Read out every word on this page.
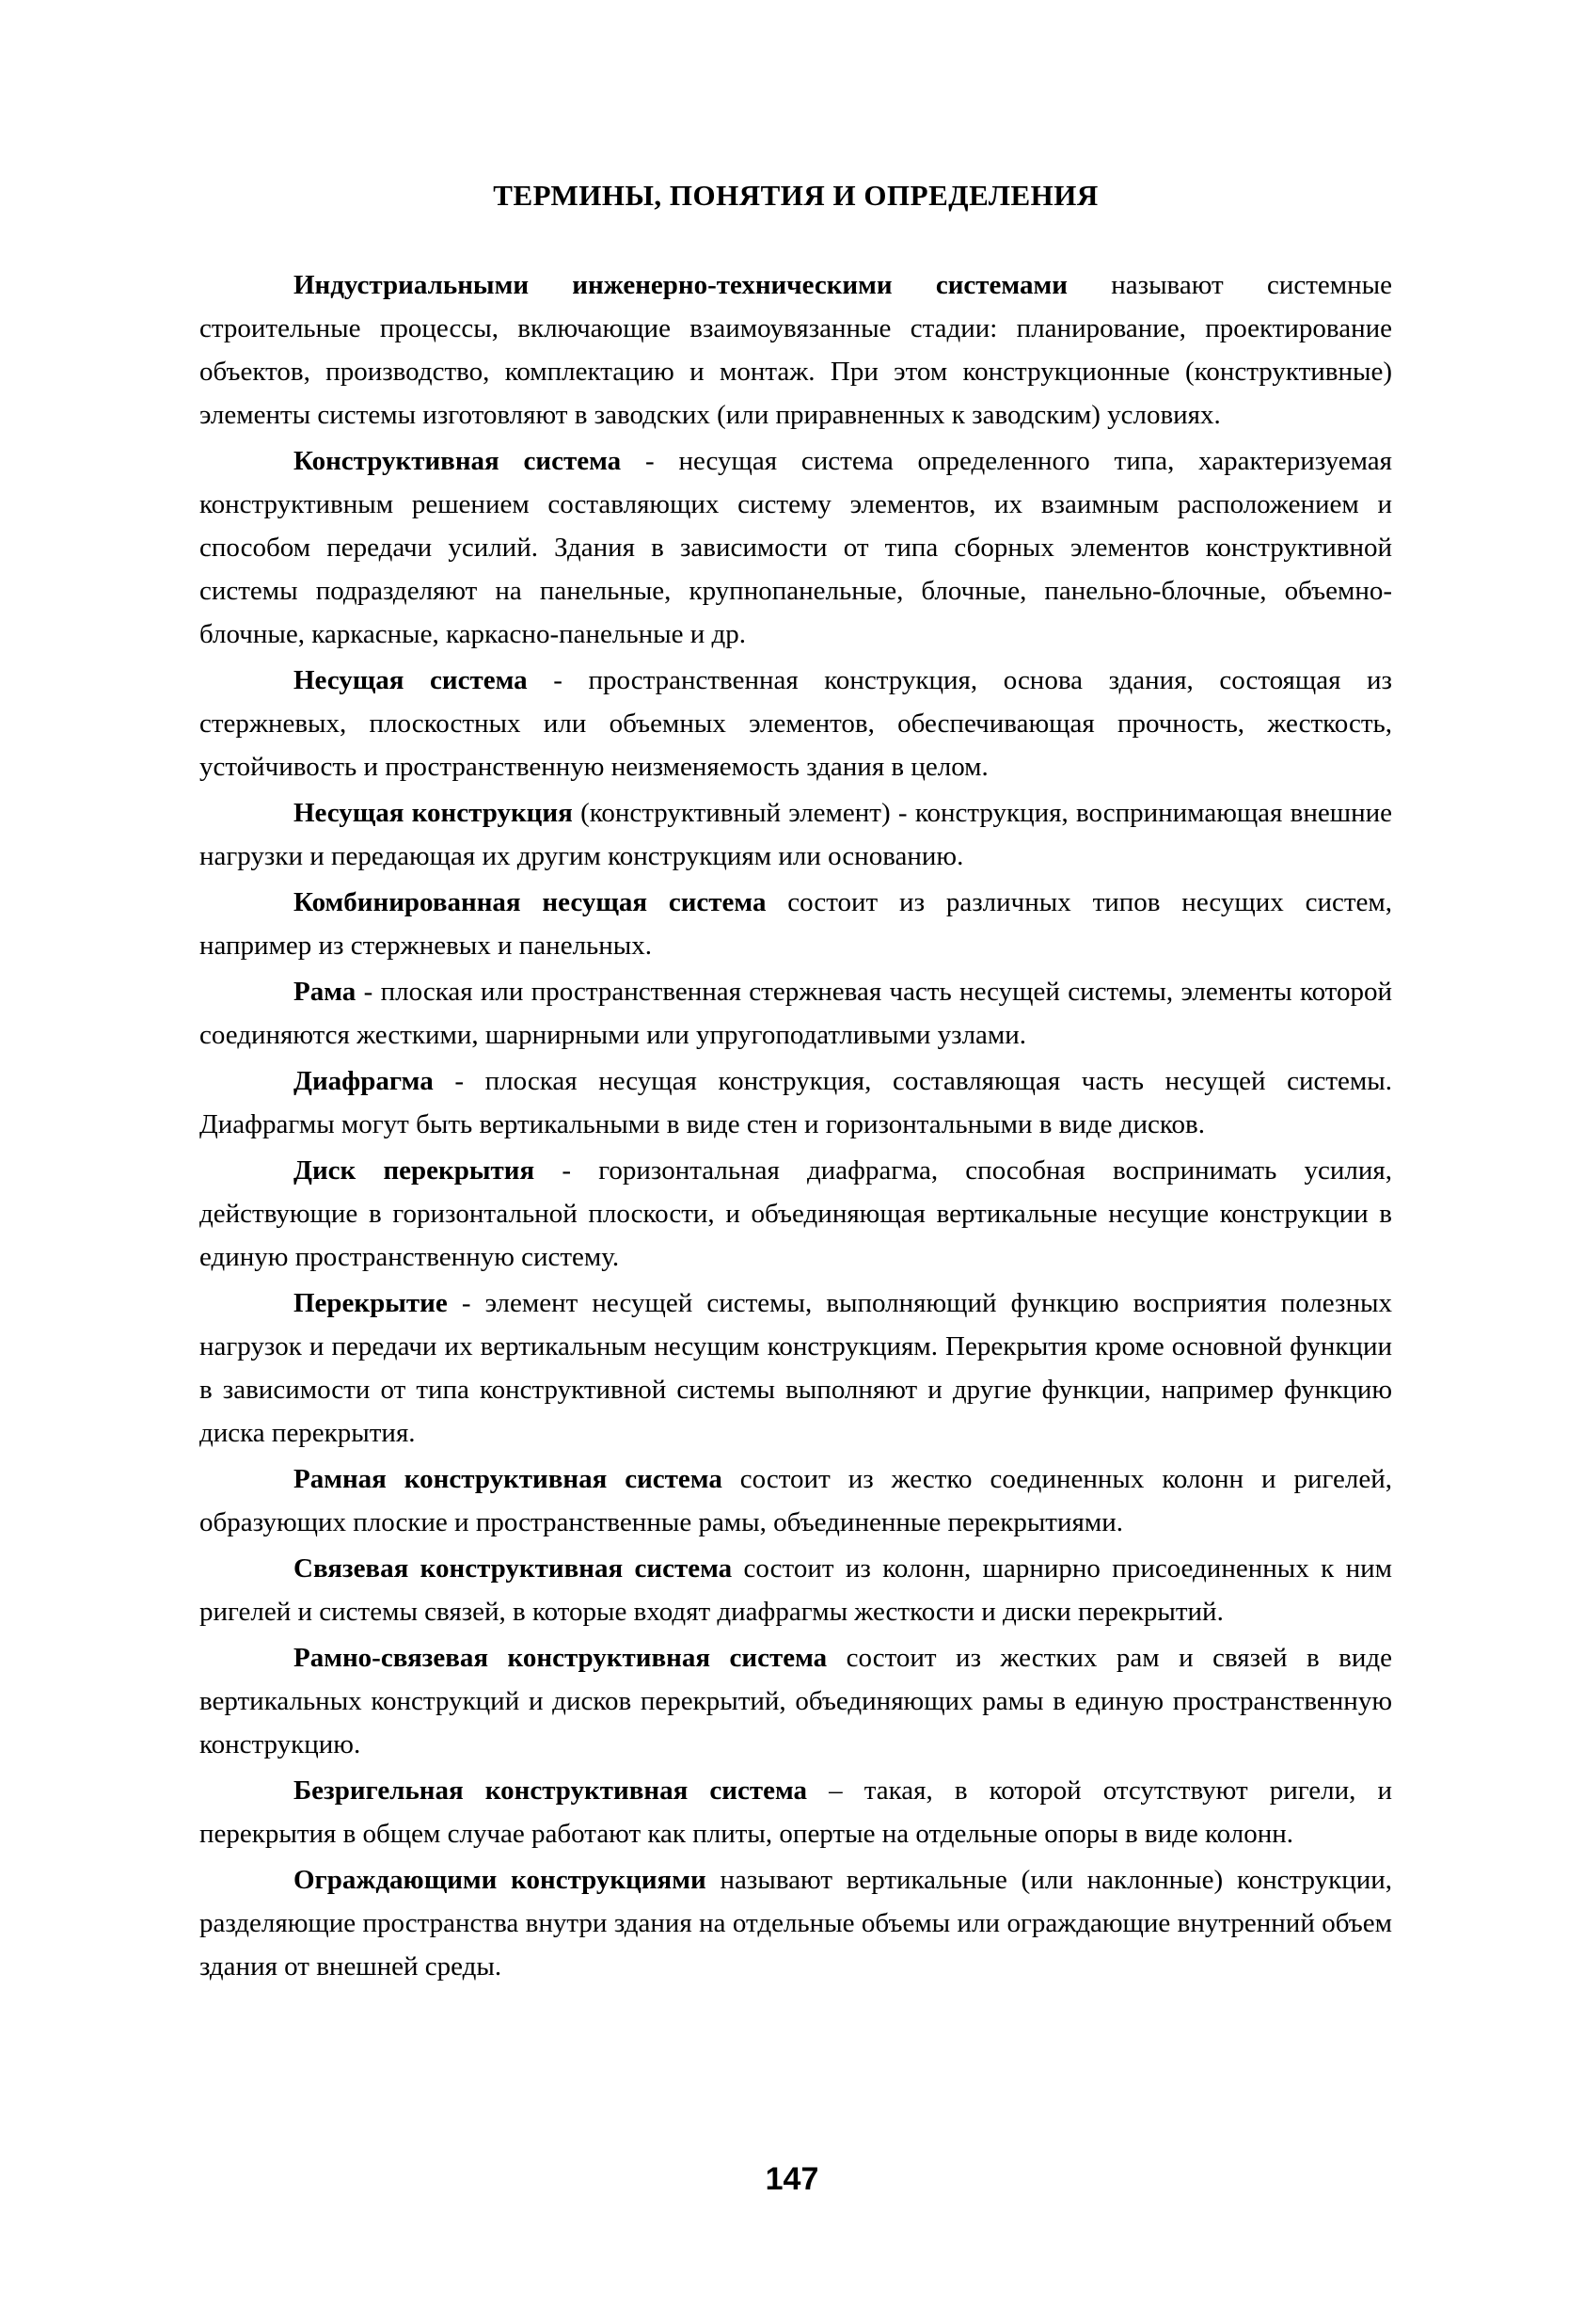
ТЕРМИНЫ, ПОНЯТИЯ И ОПРЕДЕЛЕНИЯ

Индустриальными инженерно-техническими системами называют системные строительные процессы, включающие взаимоувязанные стадии: планирование, проектирование объектов, производство, комплектацию и монтаж. При этом конструкционные (конструктивные) элементы системы изготовляют в заводских (или приравненных к заводским) условиях.

Конструктивная система - несущая система определенного типа, характеризуемая конструктивным решением составляющих систему элементов, их взаимным расположением и способом передачи усилий. Здания в зависимости от типа сборных элементов конструктивной системы подразделяют на панельные, крупнопанельные, блочные, панельно-блочные, объемно-блочные, каркасные, каркасно-панельные и др.

Несущая система - пространственная конструкция, основа здания, состоящая из стержневых, плоскостных или объемных элементов, обеспечивающая прочность, жесткость, устойчивость и пространственную неизменяемость здания в целом.

Несущая конструкция (конструктивный элемент) - конструкция, воспринимающая внешние нагрузки и передающая их другим конструкциям или основанию.

Комбинированная несущая система состоит из различных типов несущих систем, например из стержневых и панельных.

Рама - плоская или пространственная стержневая часть несущей системы, элементы которой соединяются жесткими, шарнирными или упругоподатливыми узлами.

Диафрагма - плоская несущая конструкция, составляющая часть несущей системы. Диафрагмы могут быть вертикальными в виде стен и горизонтальными в виде дисков.

Диск перекрытия - горизонтальная диафрагма, способная воспринимать усилия, действующие в горизонтальной плоскости, и объединяющая вертикальные несущие конструкции в единую пространственную систему.

Перекрытие - элемент несущей системы, выполняющий функцию восприятия полезных нагрузок и передачи их вертикальным несущим конструкциям. Перекрытия кроме основной функции в зависимости от типа конструктивной системы выполняют и другие функции, например функцию диска перекрытия.

Рамная конструктивная система состоит из жестко соединенных колонн и ригелей, образующих плоские и пространственные рамы, объединенные перекрытиями.

Связевая конструктивная система состоит из колонн, шарнирно присоединенных к ним ригелей и системы связей, в которые входят диафрагмы жесткости и диски перекрытий.

Рамно-связевая конструктивная система состоит из жестких рам и связей в виде вертикальных конструкций и дисков перекрытий, объединяющих рамы в единую пространственную конструкцию.

Безригельная конструктивная система – такая, в которой отсутствуют ригели, и перекрытия в общем случае работают как плиты, опертые на отдельные опоры в виде колонн.

Ограждающими конструкциями называют вертикальные (или наклонные) конструкции, разделяющие пространства внутри здания на отдельные объемы или ограждающие внутренний объем здания от внешней среды.

147
